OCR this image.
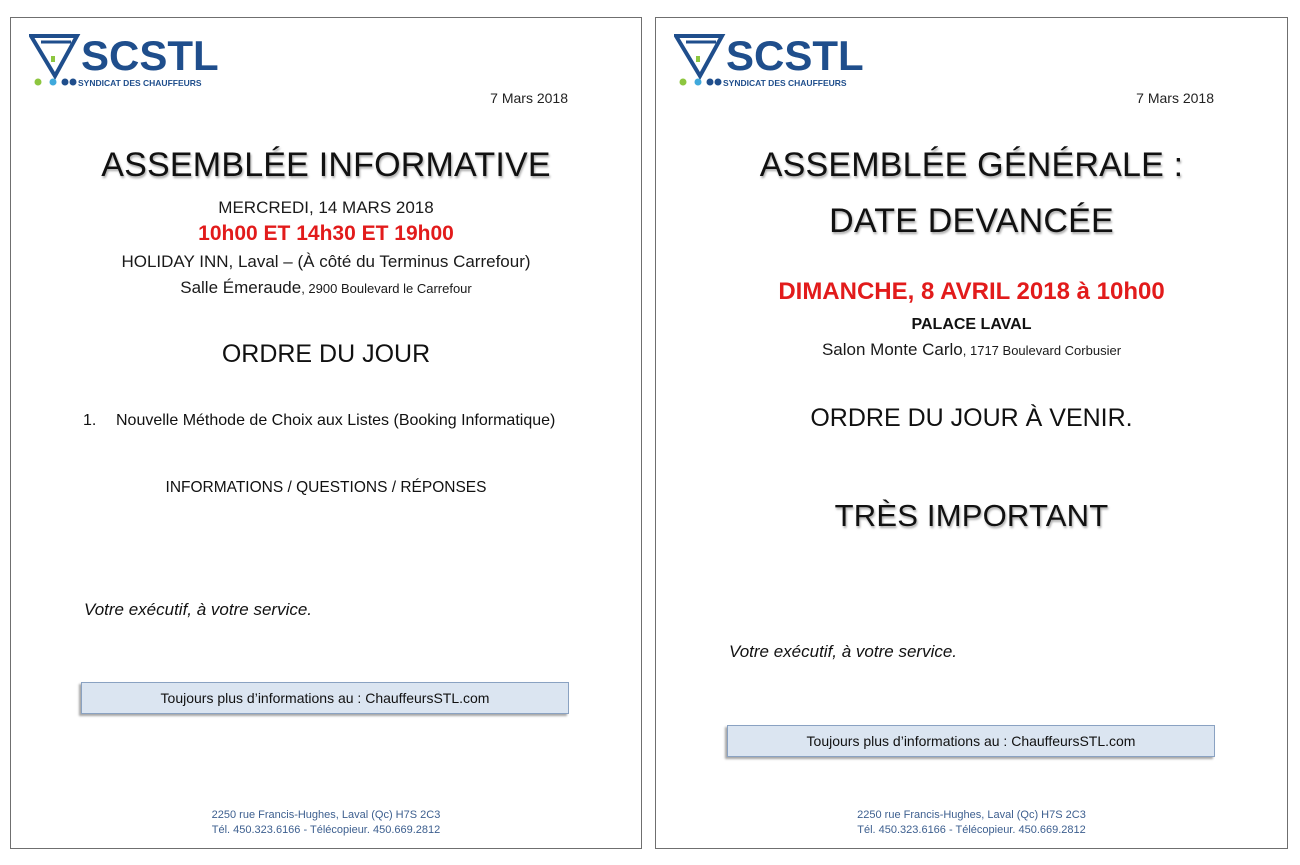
SCSTL
SYNDICAT DES CHAUFFEURS
7 Mars 2018
ASSEMBLÉE INFORMATIVE
MERCREDI, 14 MARS 2018
10h00 ET 14h30 ET 19h00
HOLIDAY INN, Laval – (À côté du Terminus Carrefour)
Salle Émeraude, 2900 Boulevard le Carrefour
ORDRE DU JOUR
1. Nouvelle Méthode de Choix aux Listes (Booking Informatique)
INFORMATIONS / QUESTIONS / RÉPONSES
Votre exécutif, à votre service.
Toujours plus d’informations au : ChauffeursSTL.com
2250 rue Francis-Hughes, Laval (Qc) H7S 2C3
Tél. 450.323.6166 - Télécopieur. 450.669.2812
SCSTL
SYNDICAT DES CHAUFFEURS
7 Mars 2018
ASSEMBLÉE GÉNÉRALE :
DATE DEVANCÉE
DIMANCHE, 8 AVRIL 2018 à 10h00
PALACE LAVAL
Salon Monte Carlo, 1717 Boulevard Corbusier
ORDRE DU JOUR À VENIR.
TRÈS IMPORTANT
Votre exécutif, à votre service.
Toujours plus d’informations au : ChauffeursSTL.com
2250 rue Francis-Hughes, Laval (Qc) H7S 2C3
Tél. 450.323.6166 - Télécopieur. 450.669.2812
